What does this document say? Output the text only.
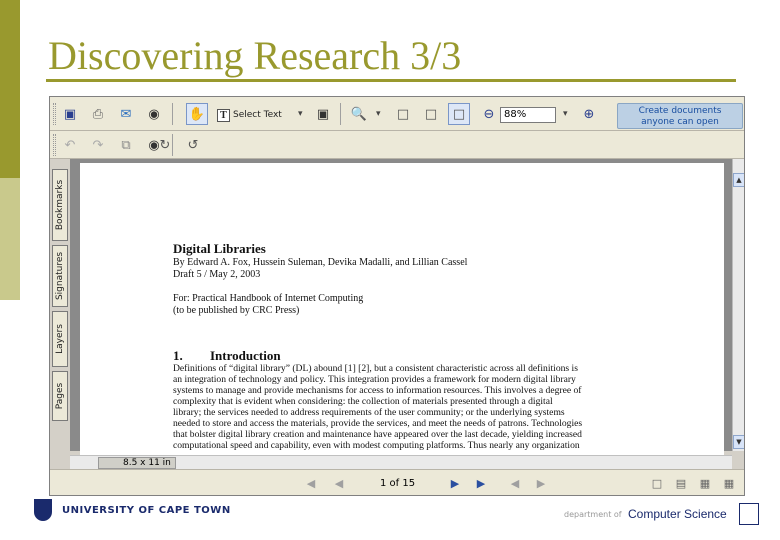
Discovering Research 3/3
▣	⎙	✉	◉	✋	T Select Text ▾	▣	🔍 ▾	□	□	□	⊖ 88%	▾	⊕	Create documents
anyone can open
↶	↷	⧉	◉ ↻	↺
Bookmarks
Signatures
Layers
Pages
Digital Libraries
By Edward A. Fox, Hussein Suleman, Devika Madalli, and Lillian Cassel
Draft 5 / May 2, 2003
For: Practical Handbook of Internet Computing
(to be published by CRC Press)
1. Introduction
Definitions of “digital library” (DL) abound [1] [2], but a consistent characteristic across all definitions is
an integration of technology and policy. This integration provides a framework for modern digital library
systems to manage and provide mechanisms for access to information resources. This involves a degree of
complexity that is evident when considering: the collection of materials presented through a digital
library; the services needed to address requirements of the user community; or the underlying systems
needed to store and access the materials, provide the services, and meet the needs of patrons. Technologies
that bolster digital library creation and maintenance have appeared over the last decade, yielding increased
computational speed and capability, even with modest computing platforms. Thus nearly any organization
▲
▼
8.5 x 11 in
◀ ◀	1 of 15	▶ ▶ ◀ ▶	□ ▤ ▦ ▦
UNIVERSITY OF CAPE TOWN	department of Computer Science
